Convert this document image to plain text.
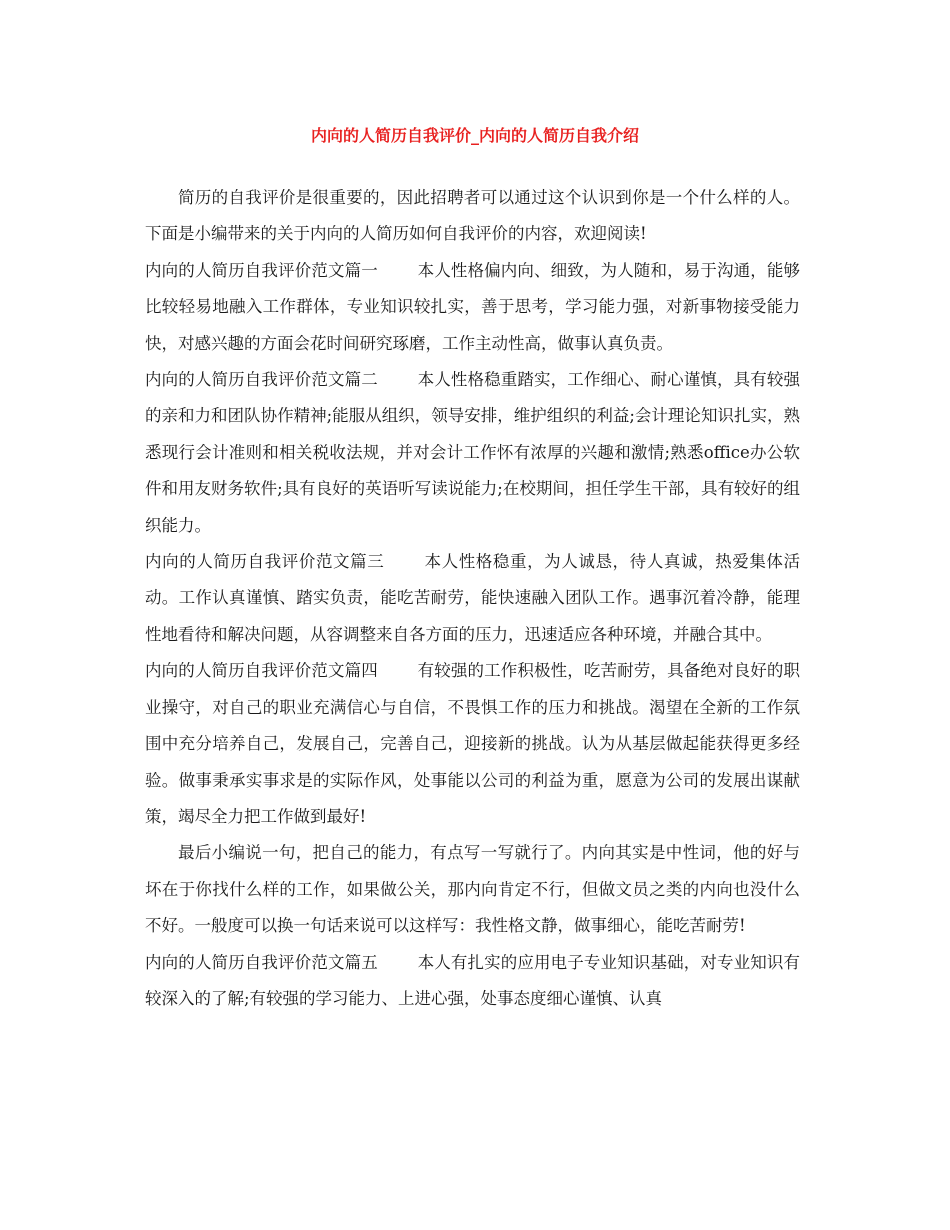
内向的人简历自我评价_内向的人简历自我介绍

简历的自我评价是很重要的，因此招聘者可以通过这个认识到你是一个什么样的人。下面是小编带来的关于内向的人简历如何自我评价的内容，欢迎阅读!

内向的人简历自我评价范文篇一 本人性格偏内向、细致，为人随和，易于沟通，能够比较轻易地融入工作群体，专业知识较扎实，善于思考，学习能力强，对新事物接受能力快，对感兴趣的方面会花时间研究琢磨，工作主动性高，做事认真负责。

内向的人简历自我评价范文篇二 本人性格稳重踏实，工作细心、耐心谨慎，具有较强的亲和力和团队协作精神;能服从组织，领导安排，维护组织的利益;会计理论知识扎实，熟悉现行会计准则和相关税收法规，并对会计工作怀有浓厚的兴趣和激情;熟悉office办公软件和用友财务软件;具有良好的英语听写读说能力;在校期间，担任学生干部，具有较好的组织能力。

内向的人简历自我评价范文篇三 本人性格稳重，为人诚恳，待人真诚，热爱集体活动。工作认真谨慎、踏实负责，能吃苦耐劳，能快速融入团队工作。遇事沉着冷静，能理性地看待和解决问题，从容调整来自各方面的压力，迅速适应各种环境，并融合其中。

内向的人简历自我评价范文篇四 有较强的工作积极性，吃苦耐劳，具备绝对良好的职业操守，对自己的职业充满信心与自信，不畏惧工作的压力和挑战。渴望在全新的工作氛围中充分培养自己，发展自己，完善自己，迎接新的挑战。认为从基层做起能获得更多经验。做事秉承实事求是的实际作风，处事能以公司的利益为重，愿意为公司的发展出谋献策，竭尽全力把工作做到最好!

最后小编说一句，把自己的能力，有点写一写就行了。内向其实是中性词，他的好与坏在于你找什么样的工作，如果做公关，那内向肯定不行，但做文员之类的内向也没什么不好。一般度可以换一句话来说可以这样写：我性格文静，做事细心，能吃苦耐劳!

内向的人简历自我评价范文篇五 本人有扎实的应用电子专业知识基础，对专业知识有较深入的了解;有较强的学习能力、上进心强，处事态度细心谨慎、认真
